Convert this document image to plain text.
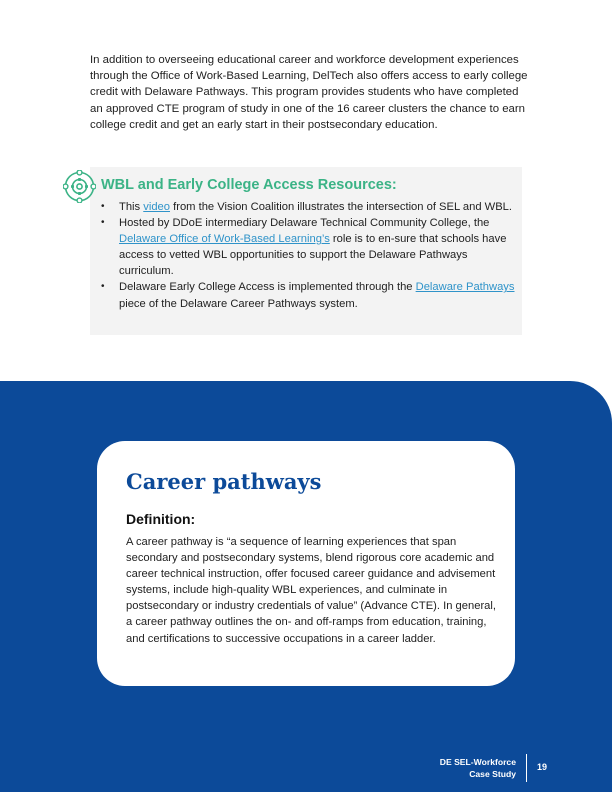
In addition to overseeing educational career and workforce development experiences through the Office of Work-Based Learning, DelTech also offers access to early college credit with Delaware Pathways. This program provides students who have completed an approved CTE program of study in one of the 16 career clusters the chance to earn college credit and get an early start in their postsecondary education.

WBL and Early College Access Resources:
• This video from the Vision Coalition illustrates the intersection of SEL and WBL.
• Hosted by DDoE intermediary Delaware Technical Community College, the Delaware Office of Work-Based Learning’s role is to en-sure that schools have access to vetted WBL opportunities to support the Delaware Pathways curriculum.
• Delaware Early College Access is implemented through the Delaware Pathways piece of the Delaware Career Pathways system.
Career pathways
Definition:

A career pathway is “a sequence of learning experiences that span secondary and postsecondary systems, blend rigorous core academic and career technical instruction, offer focused career guidance and advisement systems, include high-quality WBL experiences, and culminate in postsecondary or industry credentials of value” (Advance CTE). In general, a career pathway outlines the on- and off-ramps from education, training, and certifications to successive occupations in a career ladder.

DE SEL-Workforce
Case Study

19
